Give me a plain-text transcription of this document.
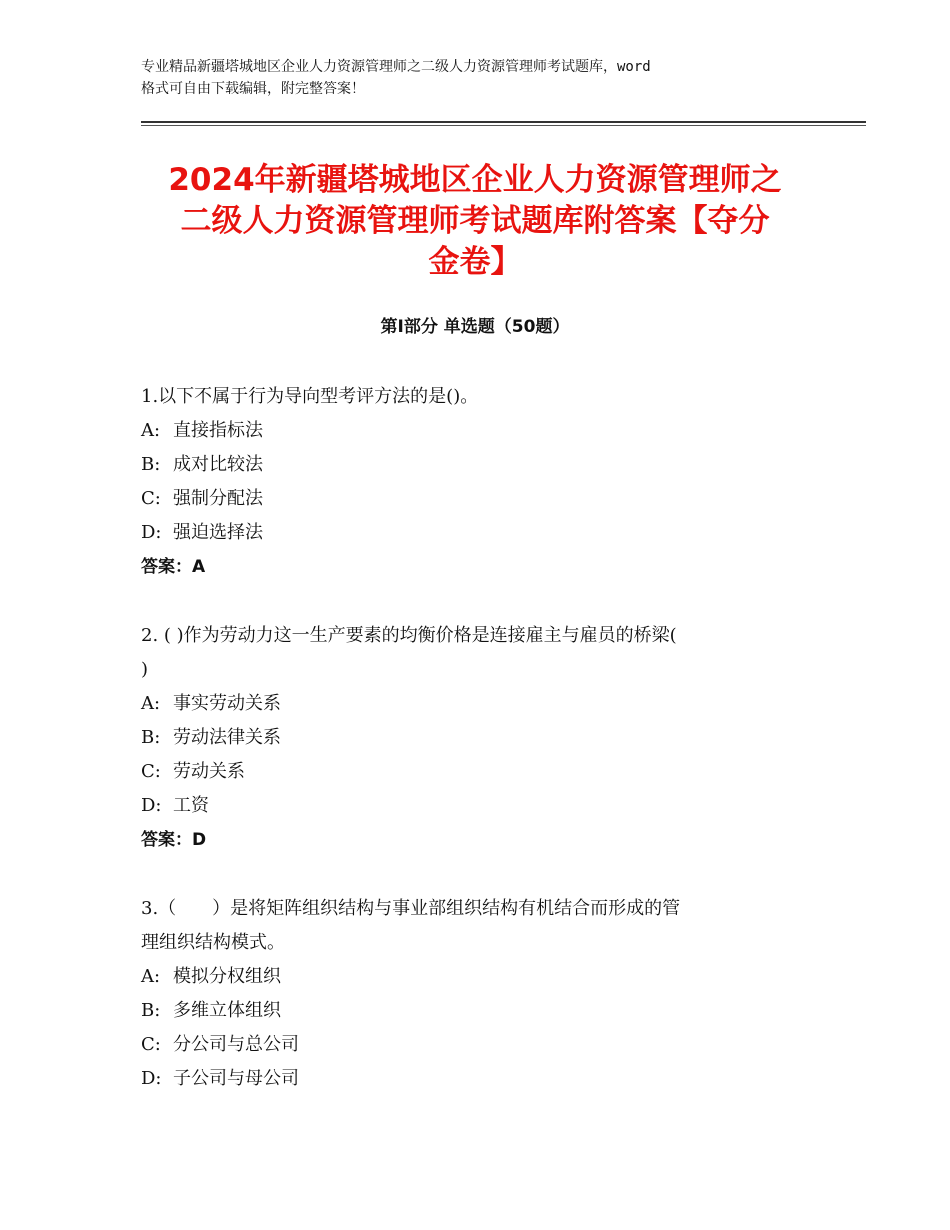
专业精品新疆塔城地区企业人力资源管理师之二级人力资源管理师考试题库，word
格式可自由下载编辑，附完整答案！
2024年新疆塔城地区企业人力资源管理师之
二级人力资源管理师考试题库附答案【夺分
金卷】
第Ⅰ部分 单选题（50题）
1.以下不属于行为导向型考评方法的是()。
A: 直接指标法
B: 成对比较法
C: 强制分配法
D: 强迫选择法
答案：A
2. ( )作为劳动力这一生产要素的均衡价格是连接雇主与雇员的桥梁(
)
A: 事实劳动关系
B: 劳动法律关系
C: 劳动关系
D: 工资
答案：D
3.（　　）是将矩阵组织结构与事业部组织结构有机结合而形成的管
理组织结构模式。
A: 模拟分权组织
B: 多维立体组织
C: 分公司与总公司
D: 子公司与母公司
